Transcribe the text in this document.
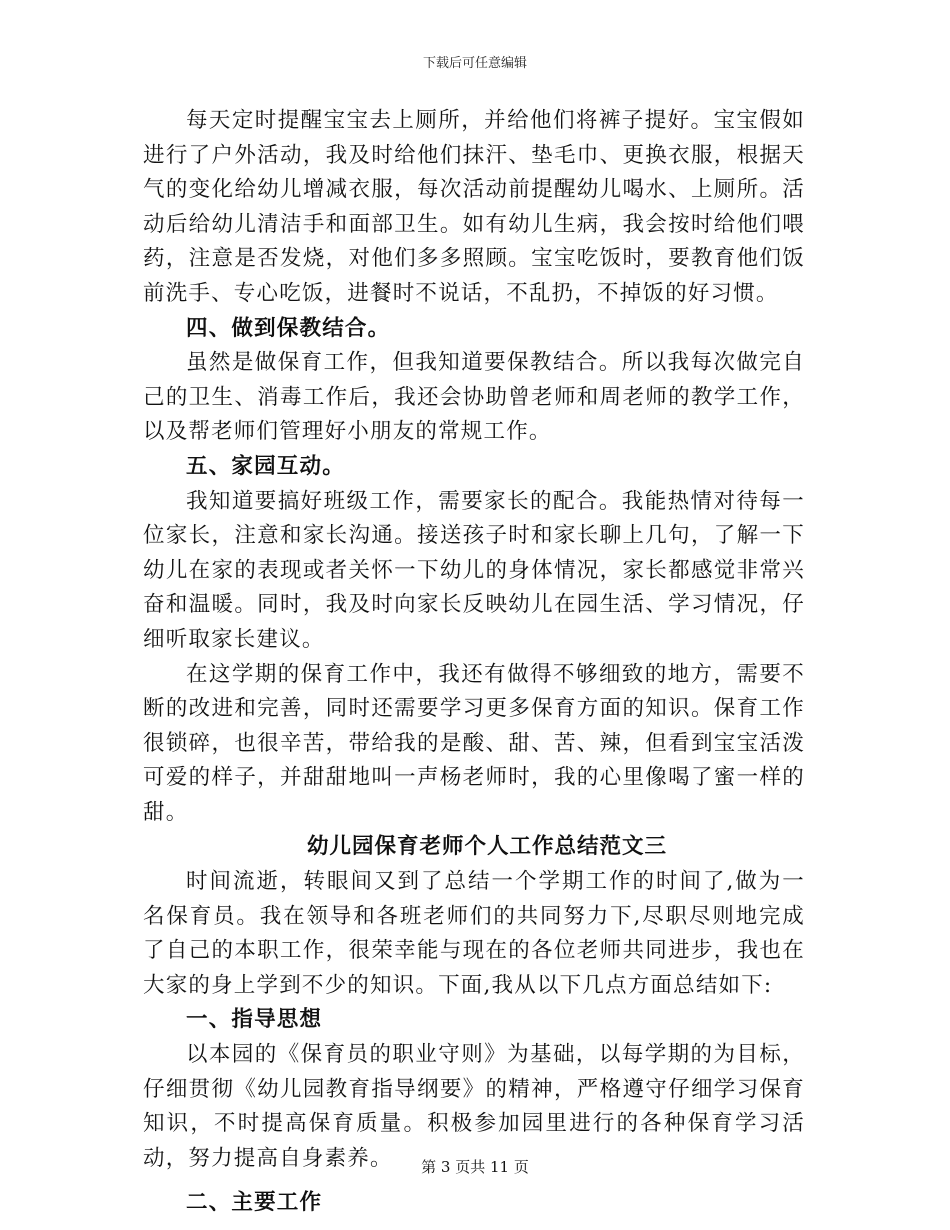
下载后可任意编辑

每天定时提醒宝宝去上厕所，并给他们将裤子提好。宝宝假如进行了户外活动，我及时给他们抹汗、垫毛巾、更换衣服，根据天气的变化给幼儿增减衣服，每次活动前提醒幼儿喝水、上厕所。活动后给幼儿清洁手和面部卫生。如有幼儿生病，我会按时给他们喂药，注意是否发烧，对他们多多照顾。宝宝吃饭时，要教育他们饭前洗手、专心吃饭，进餐时不说话，不乱扔，不掉饭的好习惯。

四、做到保教结合。

虽然是做保育工作，但我知道要保教结合。所以我每次做完自己的卫生、消毒工作后，我还会协助曾老师和周老师的教学工作，以及帮老师们管理好小朋友的常规工作。

五、家园互动。

我知道要搞好班级工作，需要家长的配合。我能热情对待每一位家长，注意和家长沟通。接送孩子时和家长聊上几句，了解一下幼儿在家的表现或者关怀一下幼儿的身体情况，家长都感觉非常兴奋和温暖。同时，我及时向家长反映幼儿在园生活、学习情况，仔细听取家长建议。

在这学期的保育工作中，我还有做得不够细致的地方，需要不断的改进和完善，同时还需要学习更多保育方面的知识。保育工作很锁碎，也很辛苦，带给我的是酸、甜、苦、辣，但看到宝宝活泼可爱的样子，并甜甜地叫一声杨老师时，我的心里像喝了蜜一样的甜。

幼儿园保育老师个人工作总结范文三

时间流逝，转眼间又到了总结一个学期工作的时间了,做为一名保育员。我在领导和各班老师们的共同努力下,尽职尽则地完成了自己的本职工作，很荣幸能与现在的各位老师共同进步，我也在大家的身上学到不少的知识。下面,我从以下几点方面总结如下:

一、指导思想

以本园的《保育员的职业守则》为基础，以每学期的为目标，仔细贯彻《幼儿园教育指导纲要》的精神，严格遵守仔细学习保育知识，不时提高保育质量。积极参加园里进行的各种保育学习活动，努力提高自身素养。

二、主要工作

第 3 页共 11 页
